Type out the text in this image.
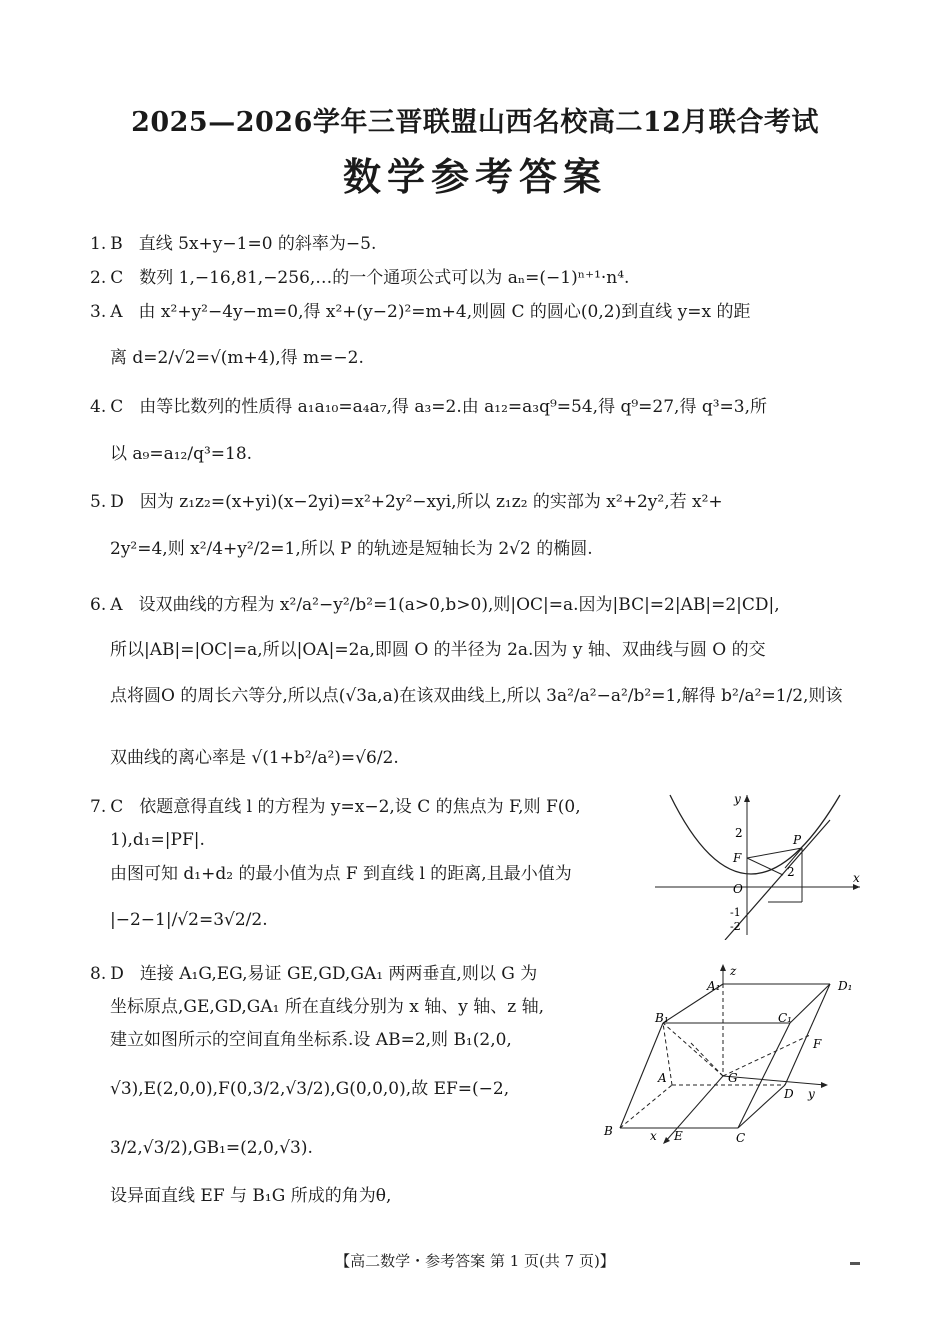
2025—2026学年三晋联盟山西名校高二12月联合考试
数学参考答案
1. B 直线 5x+y−1=0 的斜率为−5.
2. C 数列 1,−16,81,−256,…的一个通项公式可以为 aₙ=(−1)ⁿ⁺¹·n⁴.
3. A 由 x²+y²−4y−m=0,得 x²+(y−2)²=m+4,则圆 C 的圆心(0,2)到直线 y=x 的距
离 d=2/√2=√(m+4),得 m=−2.
4. C 由等比数列的性质得 a₁a₁₀=a₄a₇,得 a₃=2.由 a₁₂=a₃q⁹=54,得 q⁹=27,得 q³=3,所
以 a₉=a₁₂/q³=18.
5. D 因为 z₁z₂=(x+yi)(x−2yi)=x²+2y²−xyi,所以 z₁z₂ 的实部为 x²+2y²,若 x²+
2y²=4,则 x²/4+y²/2=1,所以 P 的轨迹是短轴长为 2√2 的椭圆.
6. A 设双曲线的方程为 x²/a²−y²/b²=1(a>0,b>0),则|OC|=a.因为|BC|=2|AB|=2|CD|,
所以|AB|=|OC|=a,所以|OA|=2a,即圆 O 的半径为 2a.因为 y 轴、双曲线与圆 O 的交
点将圆O 的周长六等分,所以点(√3a,a)在该双曲线上,所以 3a²/a²−a²/b²=1,解得 b²/a²=1/2,则该
双曲线的离心率是 √(1+b²/a²)=√6/2.
7. C 依题意得直线 l 的方程为 y=x−2,设 C 的焦点为 F,则 F(0,
1),d₁=|PF|.
由图可知 d₁+d₂ 的最小值为点 F 到直线 l 的距离,且最小值为
|−2−1|/√2=3√2/2.
y
x
O
F
P
2
-1
-2
2
8. D 连接 A₁G,EG,易证 GE,GD,GA₁ 两两垂直,则以 G 为
坐标原点,GE,GD,GA₁ 所在直线分别为 x 轴、y 轴、z 轴,
建立如图所示的空间直角坐标系.设 AB=2,则 B₁(2,0,
√3),E(2,0,0),F(0,3/2,√3/2),G(0,0,0),故 EF=(−2,
3/2,√3/2),GB₁=(2,0,√3).
设异面直线 EF 与 B₁G 所成的角为θ,
A₁
z
D₁
B₁	C₁
F
A	G
D y
B	x E	C
【高二数学・参考答案 第 1 页(共 7 页)】
